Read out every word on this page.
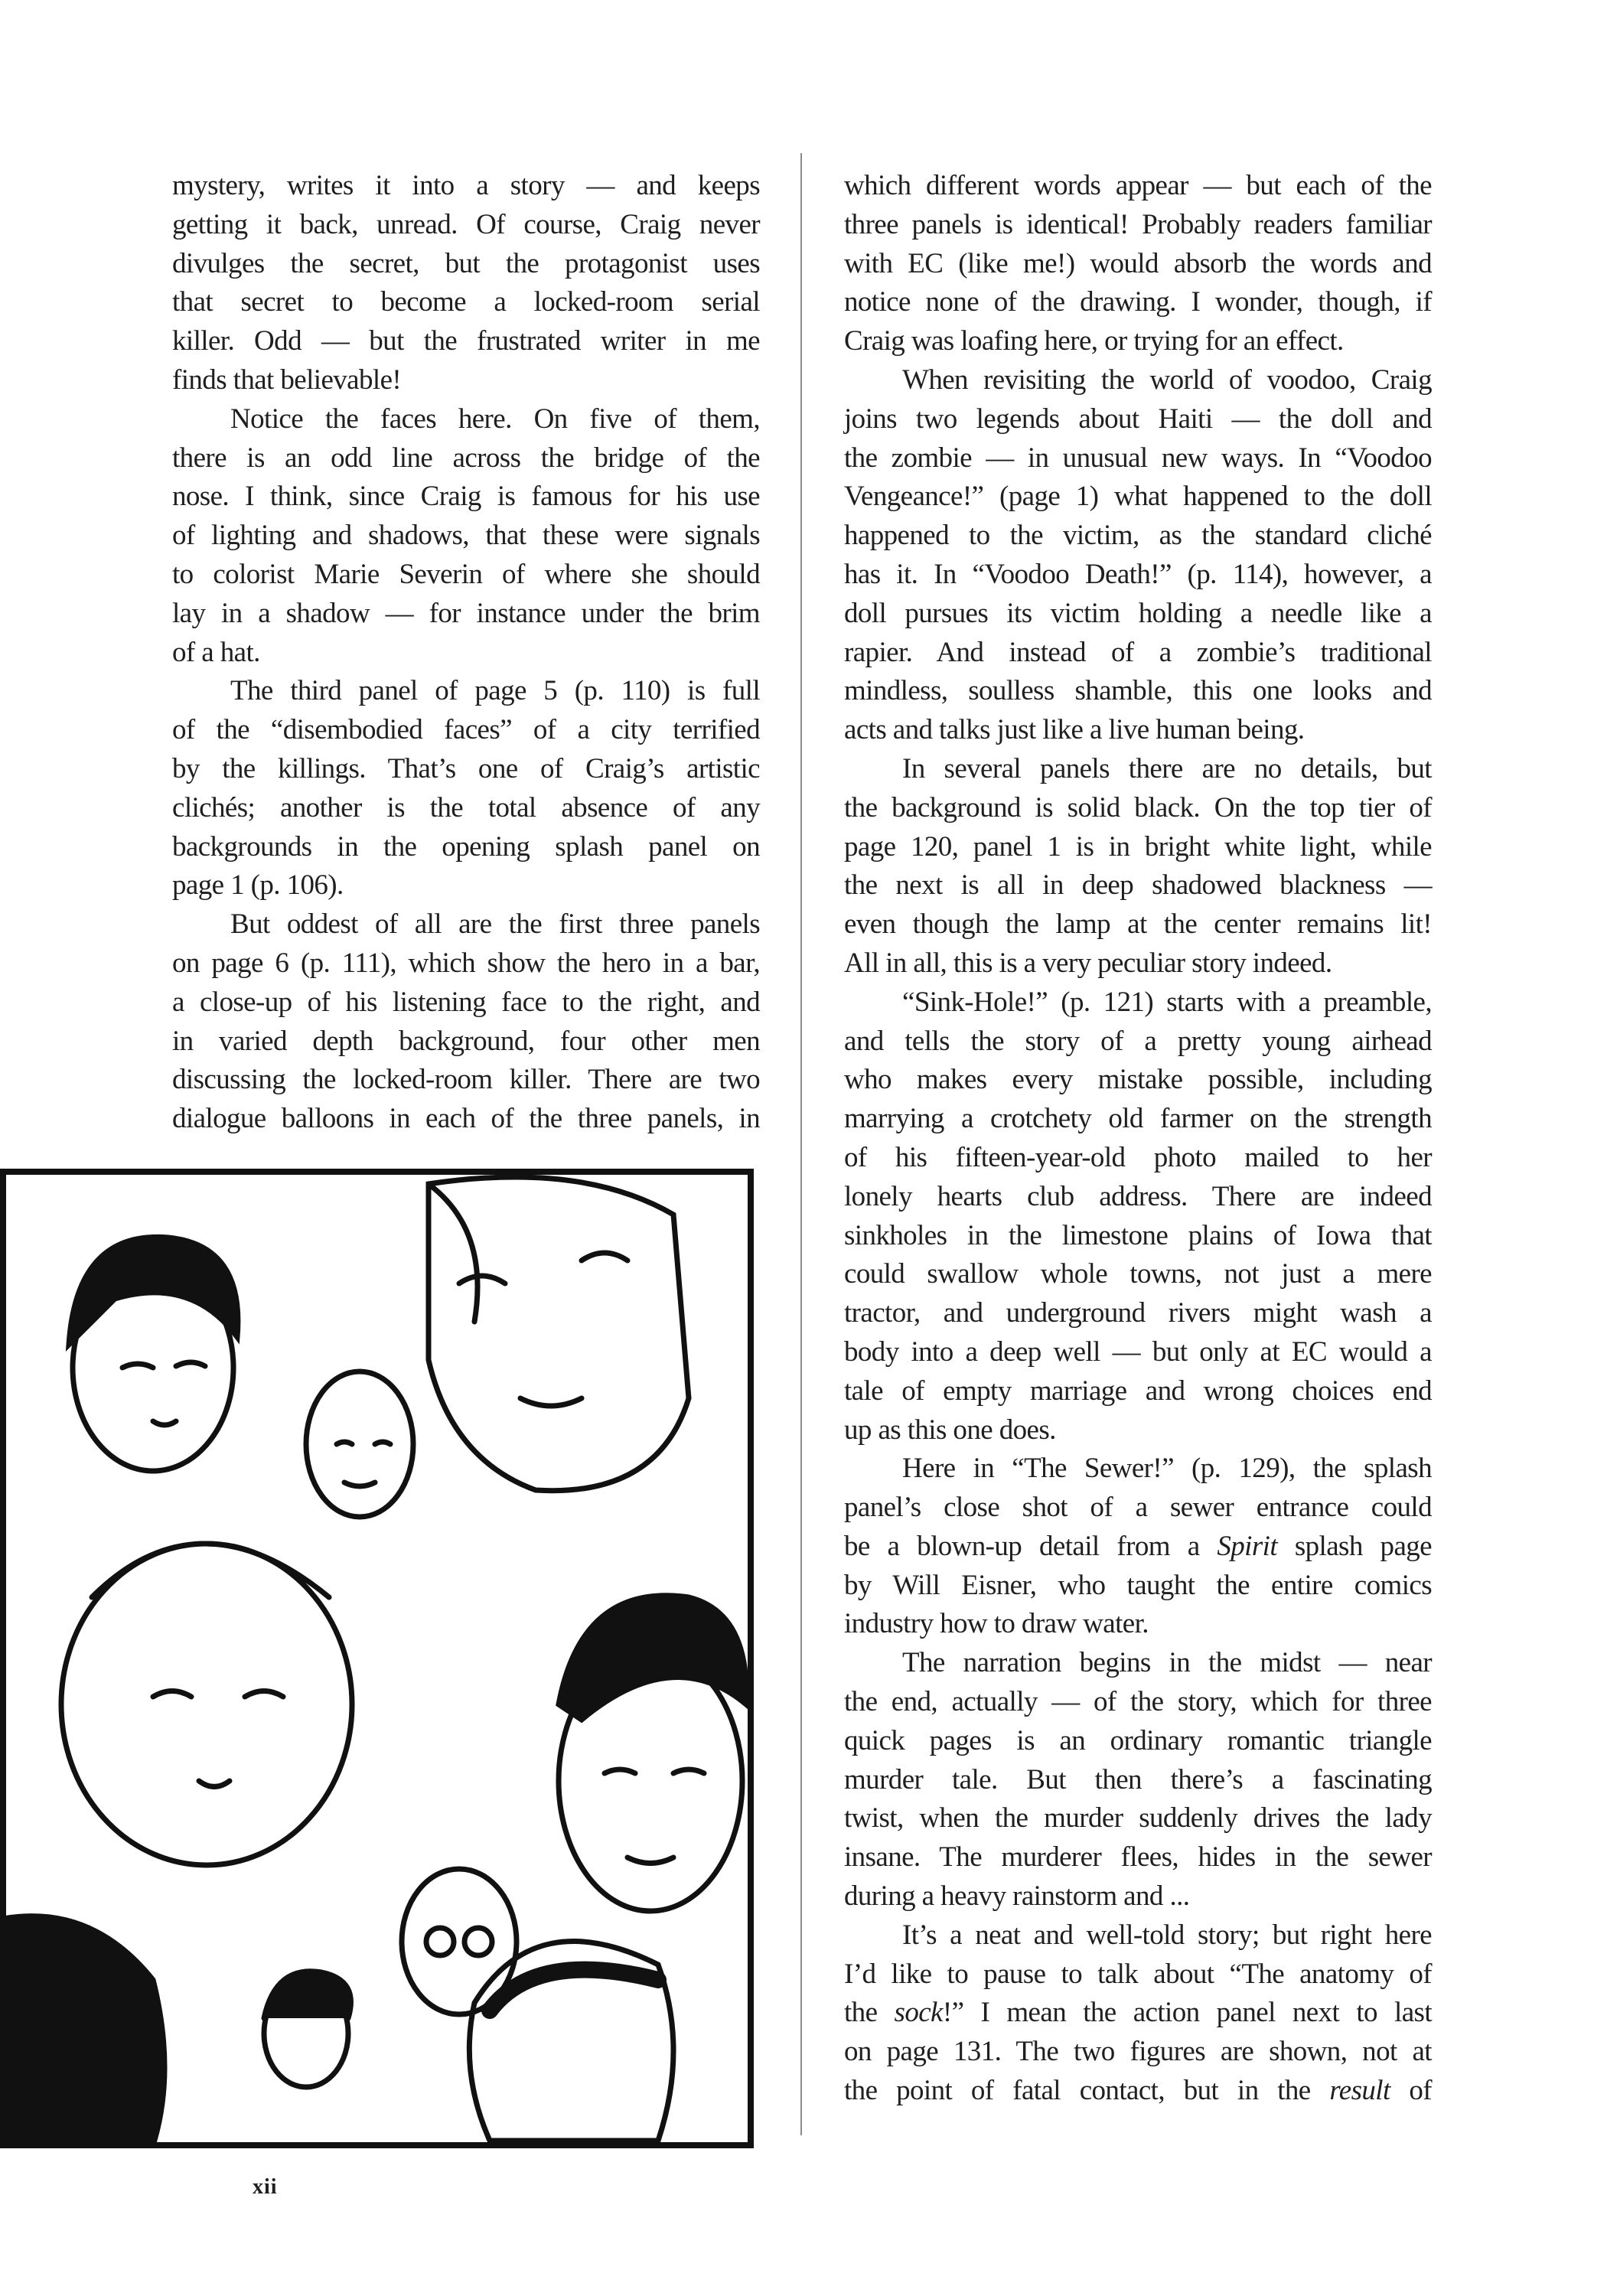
mystery, writes it into a story — and keeps
getting it back, unread. Of course, Craig never
divulges the secret, but the protagonist uses
that secret to become a locked-room serial
killer. Odd — but the frustrated writer in me
finds that believable!
Notice the faces here. On five of them,
there is an odd line across the bridge of the
nose. I think, since Craig is famous for his use
of lighting and shadows, that these were signals
to colorist Marie Severin of where she should
lay in a shadow — for instance under the brim
of a hat.
The third panel of page 5 (p. 110) is full
of the “disembodied faces” of a city terrified
by the killings. That’s one of Craig’s artistic
clichés; another is the total absence of any
backgrounds in the opening splash panel on
page 1 (p. 106).
But oddest of all are the first three panels
on page 6 (p. 111), which show the hero in a bar,
a close-up of his listening face to the right, and
in varied depth background, four other men
discussing the locked-room killer. There are two
dialogue balloons in each of the three panels, in
which different words appear — but each of the
three panels is identical! Probably readers familiar
with EC (like me!) would absorb the words and
notice none of the drawing. I wonder, though, if
Craig was loafing here, or trying for an effect.
When revisiting the world of voodoo, Craig
joins two legends about Haiti — the doll and
the zombie — in unusual new ways. In “Voodoo
Vengeance!” (page 1) what happened to the doll
happened to the victim, as the standard cliché
has it. In “Voodoo Death!” (p. 114), however, a
doll pursues its victim holding a needle like a
rapier. And instead of a zombie’s traditional
mindless, soulless shamble, this one looks and
acts and talks just like a live human being.
In several panels there are no details, but
the background is solid black. On the top tier of
page 120, panel 1 is in bright white light, while
the next is all in deep shadowed blackness —
even though the lamp at the center remains lit!
All in all, this is a very peculiar story indeed.
“Sink-Hole!” (p. 121) starts with a preamble,
and tells the story of a pretty young airhead
who makes every mistake possible, including
marrying a crotchety old farmer on the strength
of his fifteen-year-old photo mailed to her
lonely hearts club address. There are indeed
sinkholes in the limestone plains of Iowa that
could swallow whole towns, not just a mere
tractor, and underground rivers might wash a
body into a deep well — but only at EC would a
tale of empty marriage and wrong choices end
up as this one does.
Here in “The Sewer!” (p. 129), the splash
panel’s close shot of a sewer entrance could
be a blown-up detail from a Spirit splash page
by Will Eisner, who taught the entire comics
industry how to draw water.
The narration begins in the midst — near
the end, actually — of the story, which for three
quick pages is an ordinary romantic triangle
murder tale. But then there’s a fascinating
twist, when the murder suddenly drives the lady
insane. The murderer flees, hides in the sewer
during a heavy rainstorm and ...
It’s a neat and well-told story; but right here
I’d like to pause to talk about “The anatomy of
the sock!” I mean the action panel next to last
on page 131. The two figures are shown, not at
the point of fatal contact, but in the result of
xii
